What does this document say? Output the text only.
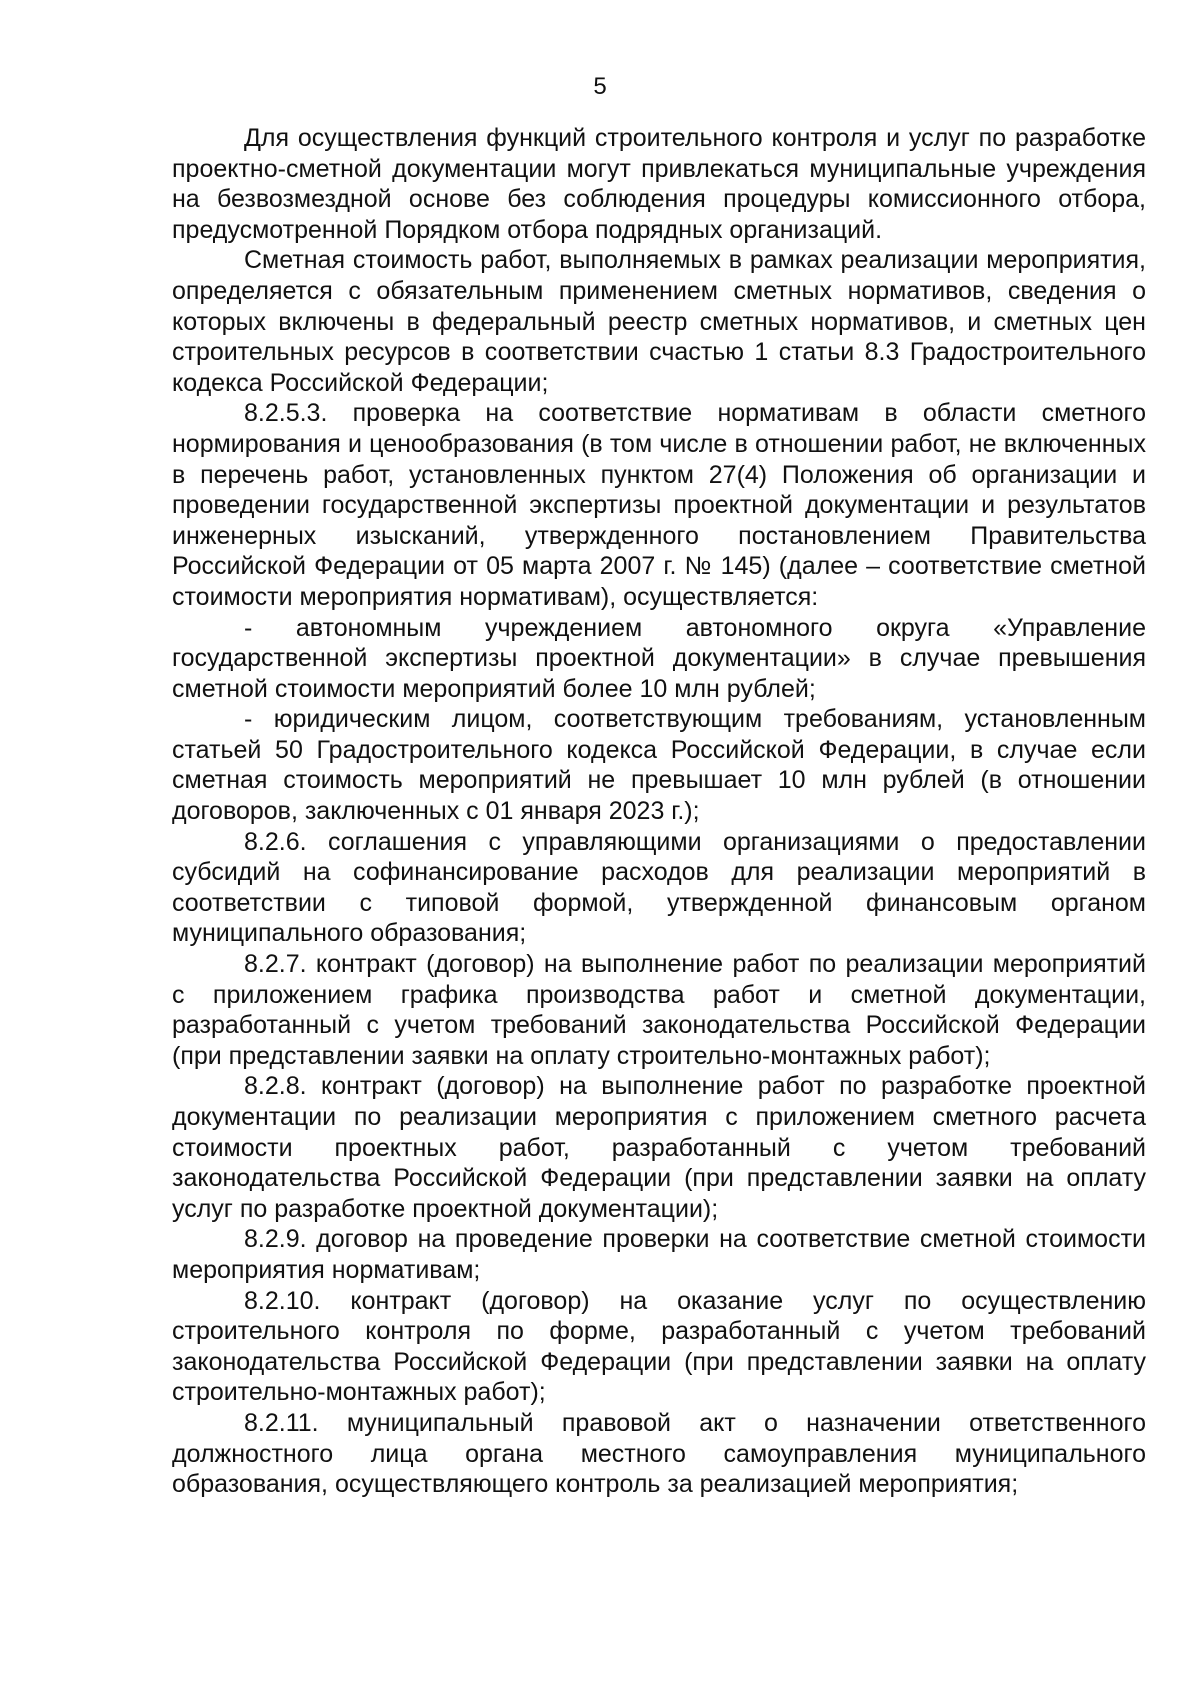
5

Для осуществления функций строительного контроля и услуг по разработке проектно-сметной документации могут привлекаться муниципальные учреждения на безвозмездной основе без соблюдения процедуры комиссионного отбора, предусмотренной Порядком отбора подрядных организаций.

Сметная стоимость работ, выполняемых в рамках реализации мероприятия, определяется с обязательным применением сметных нормативов, сведения о которых включены в федеральный реестр сметных нормативов, и сметных цен строительных ресурсов в соответствии счастью 1 статьи 8.3 Градостроительного кодекса Российской Федерации;

8.2.5.3. проверка на соответствие нормативам в области сметного нормирования и ценообразования (в том числе в отношении работ, не включенных в перечень работ, установленных пунктом 27(4) Положения об организации и проведении государственной экспертизы проектной документации и результатов инженерных изысканий, утвержденного постановлением Правительства Российской Федерации от 05 марта 2007 г. № 145) (далее – соответствие сметной стоимости мероприятия нормативам), осуществляется:

- автономным учреждением автономного округа «Управление государственной экспертизы проектной документации» в случае превышения сметной стоимости мероприятий более 10 млн рублей;

- юридическим лицом, соответствующим требованиям, установленным статьей 50 Градостроительного кодекса Российской Федерации, в случае если сметная стоимость мероприятий не превышает 10 млн рублей (в отношении договоров, заключенных с 01 января 2023 г.);

8.2.6. соглашения с управляющими организациями о предоставлении субсидий на софинансирование расходов для реализации мероприятий в соответствии с типовой формой, утвержденной финансовым органом муниципального образования;

8.2.7. контракт (договор) на выполнение работ по реализации мероприятий с приложением графика производства работ и сметной документации, разработанный с учетом требований законодательства Российской Федерации (при представлении заявки на оплату строительно-монтажных работ);

8.2.8. контракт (договор) на выполнение работ по разработке проектной документации по реализации мероприятия с приложением сметного расчета стоимости проектных работ, разработанный с учетом требований законодательства Российской Федерации (при представлении заявки на оплату услуг по разработке проектной документации);

8.2.9. договор на проведение проверки на соответствие сметной стоимости мероприятия нормативам;

8.2.10. контракт (договор) на оказание услуг по осуществлению строительного контроля по форме, разработанный с учетом требований законодательства Российской Федерации (при представлении заявки на оплату строительно-монтажных работ);

8.2.11. муниципальный правовой акт о назначении ответственного должностного лица органа местного самоуправления муниципального образования, осуществляющего контроль за реализацией мероприятия;
